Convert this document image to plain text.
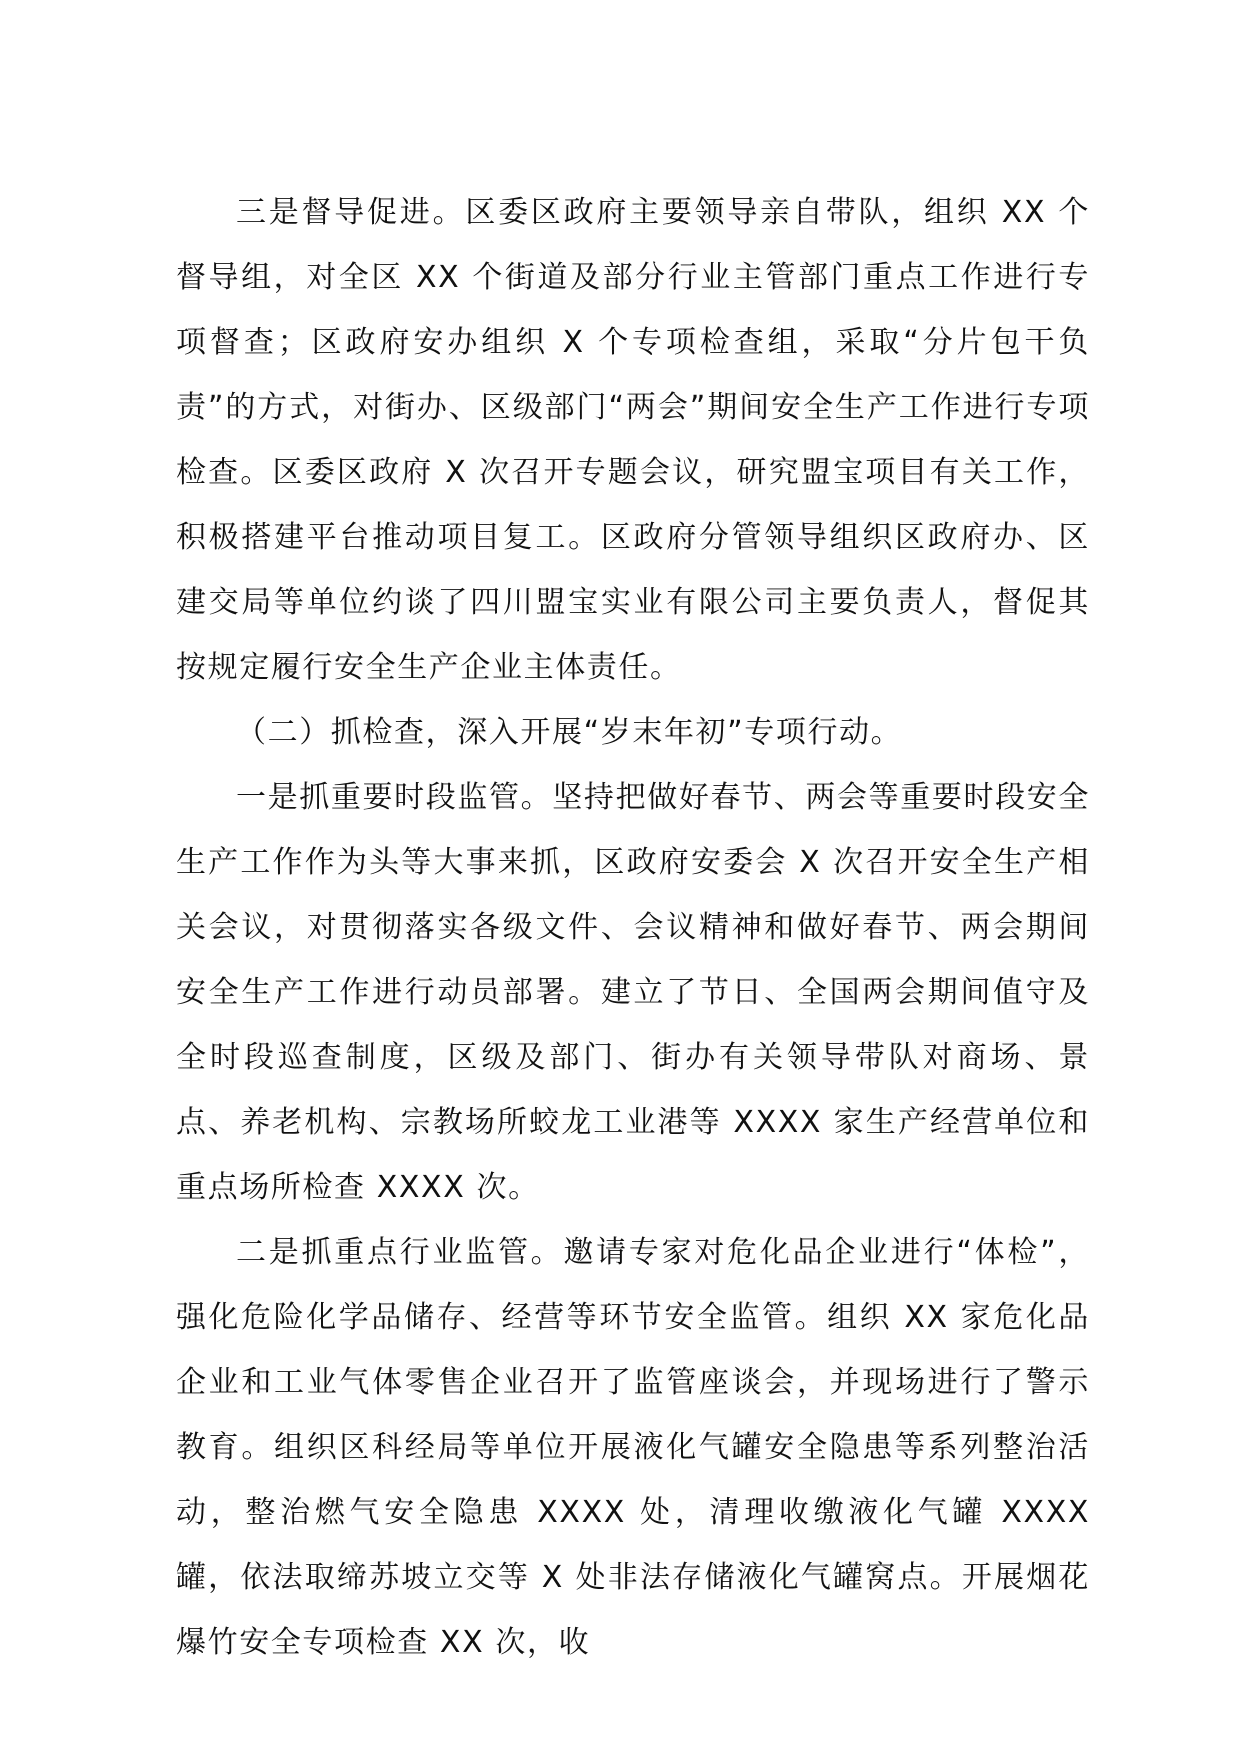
三是督导促进。区委区政府主要领导亲自带队，组织 XX 个督导组，对全区 XX 个街道及部分行业主管部门重点工作进行专项督查；区政府安办组织 X 个专项检查组，采取“分片包干负责”的方式，对街办、区级部门“两会”期间安全生产工作进行专项检查。区委区政府 X 次召开专题会议，研究盟宝项目有关工作，积极搭建平台推动项目复工。区政府分管领导组织区政府办、区建交局等单位约谈了四川盟宝实业有限公司主要负责人，督促其按规定履行安全生产企业主体责任。

（二）抓检查，深入开展“岁末年初”专项行动。

一是抓重要时段监管。坚持把做好春节、两会等重要时段安全生产工作作为头等大事来抓，区政府安委会 X 次召开安全生产相关会议，对贯彻落实各级文件、会议精神和做好春节、两会期间安全生产工作进行动员部署。建立了节日、全国两会期间值守及全时段巡查制度，区级及部门、街办有关领导带队对商场、景点、养老机构、宗教场所蛟龙工业港等 XXXX 家生产经营单位和重点场所检查 XXXX 次。

二是抓重点行业监管。邀请专家对危化品企业进行“体检”，强化危险化学品储存、经营等环节安全监管。组织 XX 家危化品企业和工业气体零售企业召开了监管座谈会，并现场进行了警示教育。组织区科经局等单位开展液化气罐安全隐患等系列整治活动，整治燃气安全隐患 XXXX 处，清理收缴液化气罐 XXXX 罐，依法取缔苏坡立交等 X 处非法存储液化气罐窝点。开展烟花爆竹安全专项检查 XX 次，收
